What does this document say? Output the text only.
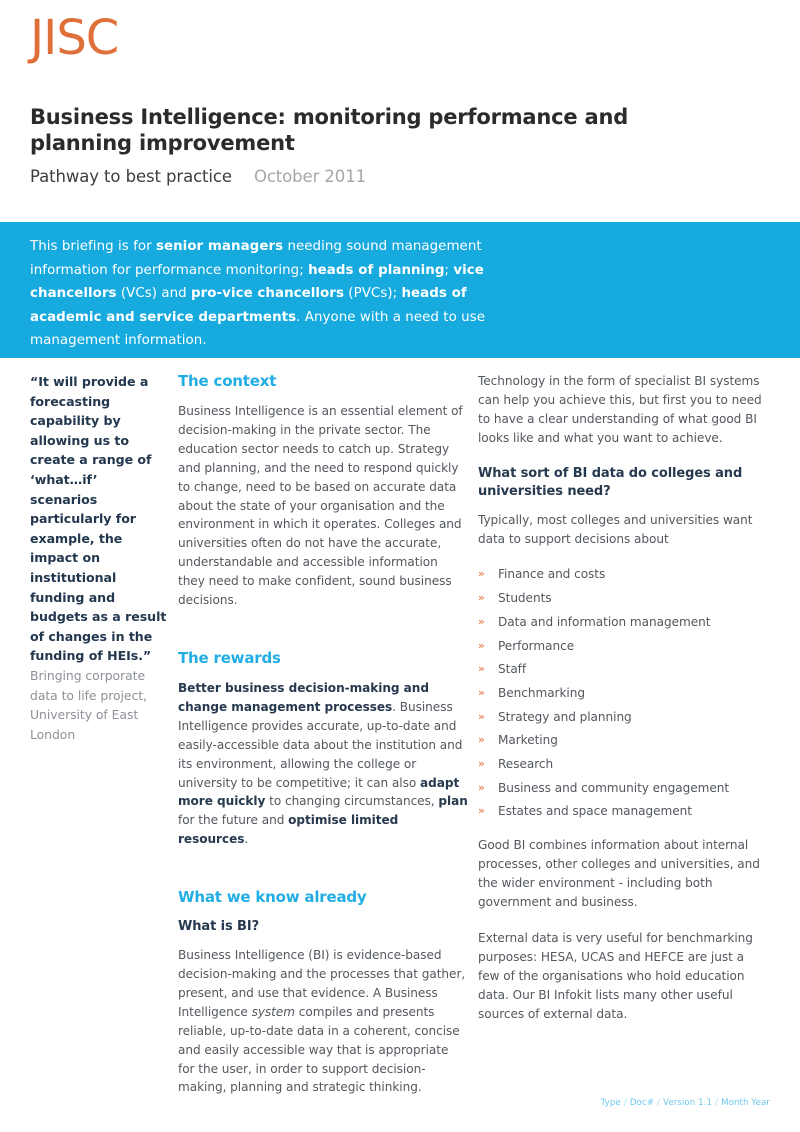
JISC
Business Intelligence: monitoring performance and planning improvement
Pathway to best practice October 2011
This briefing is for senior managers needing sound management information for performance monitoring; heads of planning; vice chancellors (VCs) and pro-vice chancellors (PVCs); heads of academic and service departments. Anyone with a need to use management information.

“It will provide a forecasting capability by allowing us to create a range of ‘what…if’ scenarios particularly for example, the impact on institutional funding and budgets as a result of changes in the funding of HEIs.”

Bringing corporate data to life project, University of East London

The context

Business Intelligence is an essential element of decision-making in the private sector. The education sector needs to catch up. Strategy and planning, and the need to respond quickly to change, need to be based on accurate data about the state of your organisation and the environment in which it operates. Colleges and universities often do not have the accurate, understandable and accessible information they need to make confident, sound business decisions.

The rewards

Better business decision-making and change management processes. Business Intelligence provides accurate, up-to-date and easily-accessible data about the institution and its environment, allowing the college or university to be competitive; it can also adapt more quickly to changing circumstances, plan for the future and optimise limited resources.

What we know already
What is BI?

Business Intelligence (BI) is evidence-based decision-making and the processes that gather, present, and use that evidence. A Business Intelligence system compiles and presents reliable, up-to-date data in a coherent, concise and easily accessible way that is appropriate for the user, in order to support decision-making, planning and strategic thinking.

Technology in the form of specialist BI systems can help you achieve this, but first you to need to have a clear understanding of what good BI looks like and what you want to achieve.

What sort of BI data do colleges and universities need?

Typically, most colleges and universities want data to support decisions about

» Finance and costs
» Students
» Data and information management
» Performance
» Staff
» Benchmarking
» Strategy and planning
» Marketing
» Research
» Business and community engagement
» Estates and space management

Good BI combines information about internal processes, other colleges and universities, and the wider environment - including both government and business.

External data is very useful for benchmarking purposes: HESA, UCAS and HEFCE are just a few of the organisations who hold education data. Our BI Infokit lists many other useful sources of external data.

Type / Doc# / Version 1.1 / Month Year
